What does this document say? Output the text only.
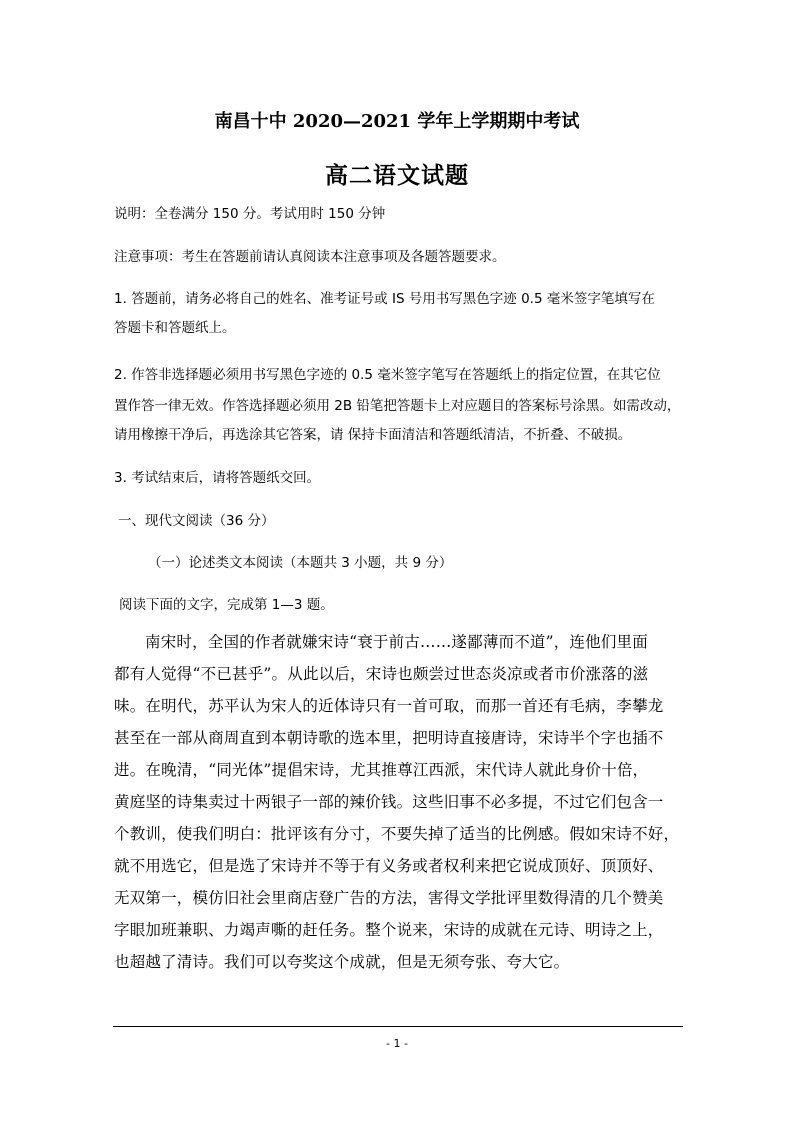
南昌十中 2020—2021 学年上学期期中考试
高二语文试题
说明：全卷满分 150 分。考试用时 150 分钟
注意事项：考生在答题前请认真阅读本注意事项及各题答题要求。
1. 答题前，请务必将自己的姓名、准考证号或 IS 号用书写黑色字迹 0.5 毫米签字笔填写在
答题卡和答题纸上。
2. 作答非选择题必须用书写黑色字迹的 0.5 毫米签字笔写在答题纸上的指定位置，在其它位
置作答一律无效。作答选择题必须用 2B 铅笔把答题卡上对应题目的答案标号涂黑。如需改动，
请用橡擦干净后，再选涂其它答案，请 保持卡面清洁和答题纸清洁，不折叠、不破损。
3. 考试结束后，请将答题纸交回。
一、现代文阅读（36 分）
（一）论述类文本阅读（本题共 3 小题，共 9 分）
阅读下面的文字，完成第 1—3 题。
南宋时，全国的作者就嫌宋诗“衰于前古……遂鄙薄而不道”，连他们里面
都有人觉得“不已甚乎”。从此以后，宋诗也颇尝过世态炎凉或者市价涨落的滋
味。在明代，苏平认为宋人的近体诗只有一首可取，而那一首还有毛病，李攀龙
甚至在一部从商周直到本朝诗歌的选本里，把明诗直接唐诗，宋诗半个字也插不
进。在晚清，“同光体”提倡宋诗，尤其推尊江西派，宋代诗人就此身价十倍，
黄庭坚的诗集卖过十两银子一部的辣价钱。这些旧事不必多提，不过它们包含一
个教训，使我们明白：批评该有分寸，不要失掉了适当的比例感。假如宋诗不好，
就不用选它，但是选了宋诗并不等于有义务或者权利来把它说成顶好、顶顶好、
无双第一，模仿旧社会里商店登广告的方法，害得文学批评里数得清的几个赞美
字眼加班兼职、力竭声嘶的赶任务。整个说来，宋诗的成就在元诗、明诗之上，
也超越了清诗。我们可以夸奖这个成就，但是无须夸张、夸大它。
- 1 -
